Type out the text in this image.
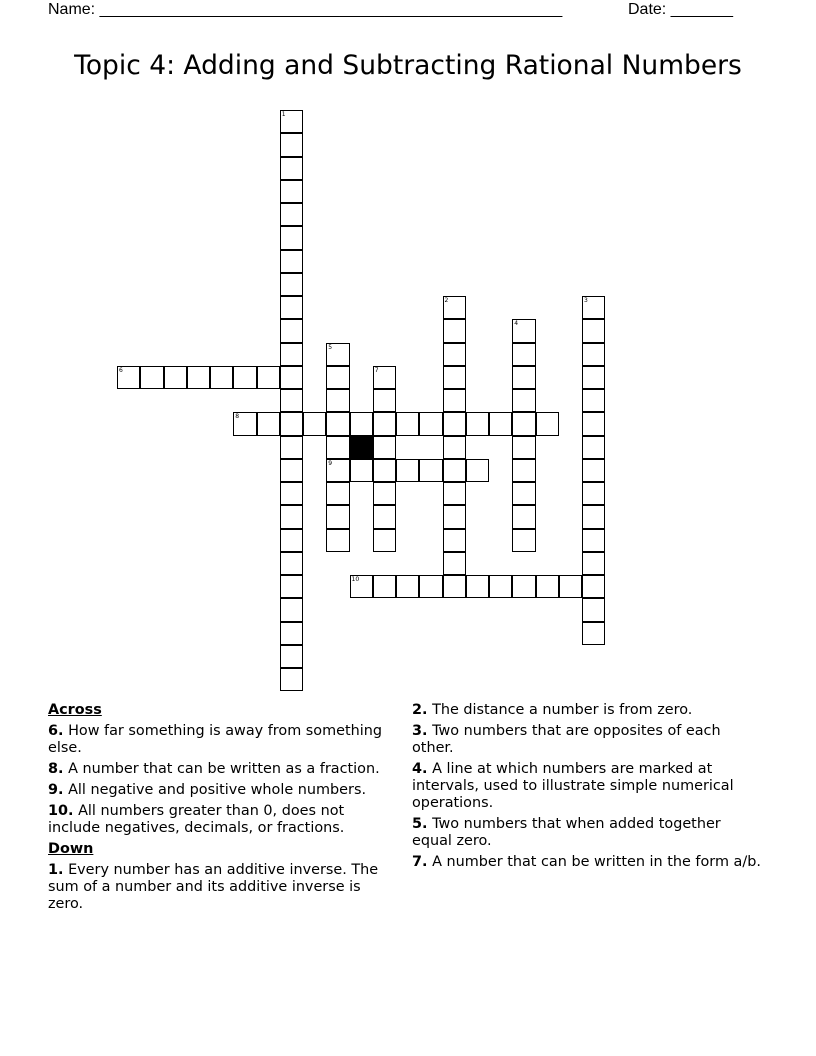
Name: ____________________________________________________	Date: _______
Topic 4: Adding and Subtracting Rational Numbers
1
2	3
4
5
9
7
6
8
10
Across
6. How far something is away from something else.
8. A number that can be written as a fraction.
9. All negative and positive whole numbers.
10. All numbers greater than 0, does not include negatives, decimals, or fractions.
Down
1. Every number has an additive inverse. The sum of a number and its additive inverse is zero.
2. The distance a number is from zero.
3. Two numbers that are opposites of each other.
4. A line at which numbers are marked at intervals, used to illustrate simple numerical operations.
5. Two numbers that when added together equal zero.
7. A number that can be written in the form a/b.
